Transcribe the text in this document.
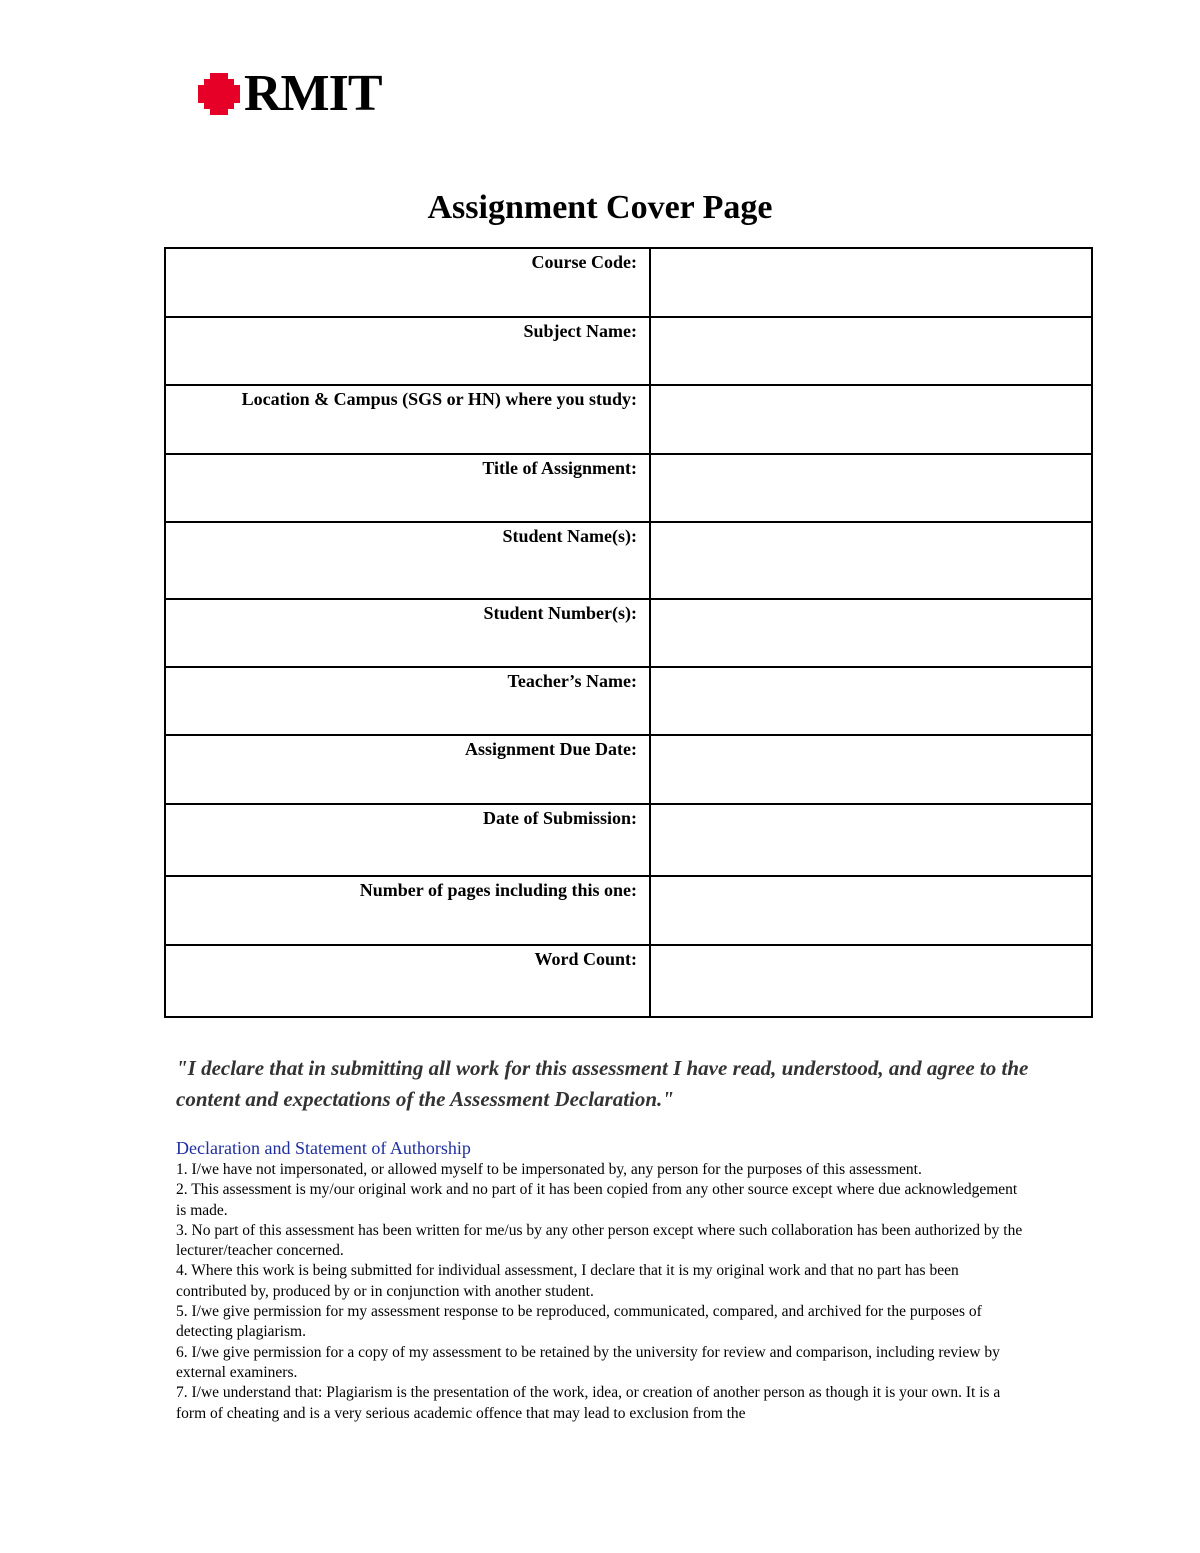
RMIT
Assignment Cover Page
Course Code:	
Subject Name:	
Location & Campus (SGS or HN) where you study:	
Title of Assignment:	
Student Name(s):	
Student Number(s):	
Teacher’s Name:	
Assignment Due Date:	
Date of Submission:	
Number of pages including this one:	
Word Count:	
"I declare that in submitting all work for this assessment I have read, understood, and agree to the content and expectations of the Assessment Declaration."
Declaration and Statement of Authorship
1. I/we have not impersonated, or allowed myself to be impersonated by, any person for the purposes of this assessment.
2. This assessment is my/our original work and no part of it has been copied from any other source except where due acknowledgement is made.
3. No part of this assessment has been written for me/us by any other person except where such collaboration has been authorized by the lecturer/teacher concerned.
4. Where this work is being submitted for individual assessment, I declare that it is my original work and that no part has been contributed by, produced by or in conjunction with another student.
5. I/we give permission for my assessment response to be reproduced, communicated, compared, and archived for the purposes of detecting plagiarism.
6. I/we give permission for a copy of my assessment to be retained by the university for review and comparison, including review by external examiners.
7. I/we understand that: Plagiarism is the presentation of the work, idea, or creation of another person as though it is your own. It is a form of cheating and is a very serious academic offence that may lead to exclusion from the
